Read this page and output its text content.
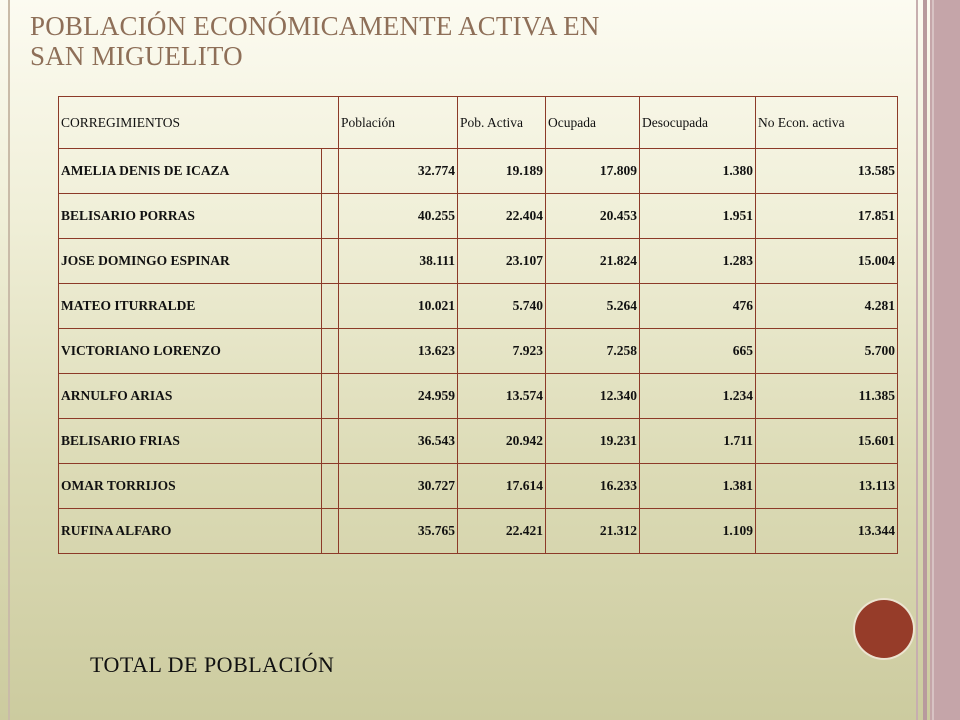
POBLACIÓN ECONÓMICAMENTE ACTIVA EN
SAN MIGUELITO
CORREGIMIENTOS		Población	Pob. Activa	Ocupada	Desocupada	No Econ. activa
AMELIA DENIS DE ICAZA		32.774	19.189	17.809	1.380	13.585
BELISARIO PORRAS		40.255	22.404	20.453	1.951	17.851
JOSE DOMINGO ESPINAR		38.111	23.107	21.824	1.283	15.004
MATEO ITURRALDE		10.021	5.740	5.264	476	4.281
VICTORIANO LORENZO		13.623	7.923	7.258	665	5.700
ARNULFO ARIAS		24.959	13.574	12.340	1.234	11.385
BELISARIO FRIAS		36.543	20.942	19.231	1.711	15.601
OMAR TORRIJOS		30.727	17.614	16.233	1.381	13.113
RUFINA ALFARO		35.765	22.421	21.312	1.109	13.344

TOTAL DE POBLACIÓN
